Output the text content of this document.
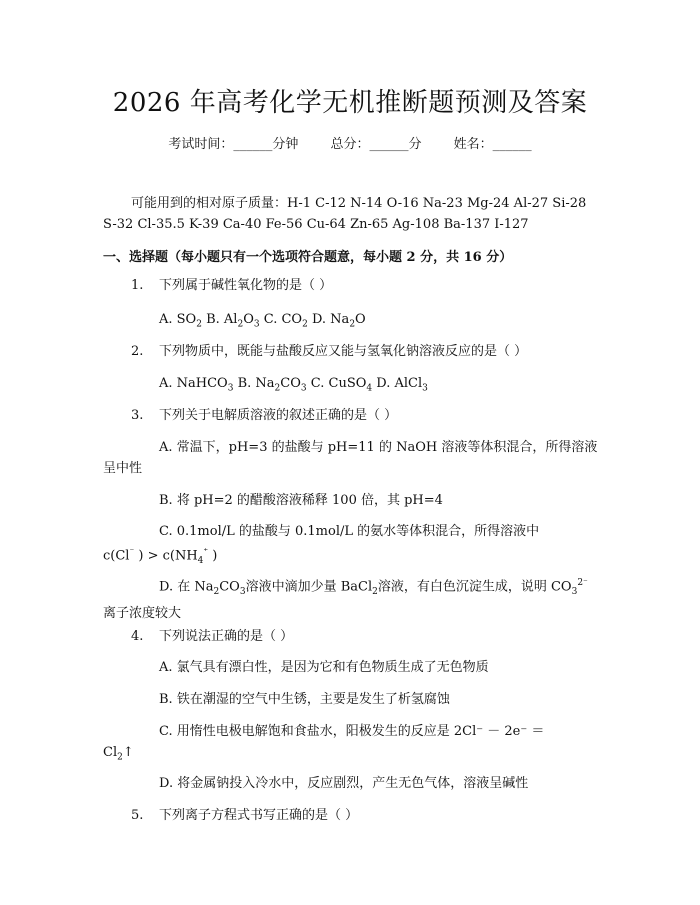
2026 年高考化学无机推断题预测及答案
考试时间：______分钟 总分：______分 姓名：______
可能用到的相对原子质量：H-1 C-12 N-14 O-16 Na-23 Mg-24 Al-27 Si-28 S-32 Cl-35.5 K-39 Ca-40 Fe-56 Cu-64 Zn-65 Ag-108 Ba-137 I-127
一、选择题（每小题只有一个选项符合题意，每小题 2 分，共 16 分）
1. 下列属于碱性氧化物的是（ ）
A. $SO_2$ B. $Al_2O_3$ C. $CO_2$ D. $Na_2O$
2. 下列物质中，既能与盐酸反应又能与氢氧化钠溶液反应的是（ ）
A. NaHCO$_3$ B. $Na_2CO_3$ C. CuSO$_4$ D. AlCl$_3$
3. 下列关于电解质溶液的叙述正确的是（ ）
A. 常温下，pH=3 的盐酸与 pH=11 的 NaOH 溶液等体积混合，所得溶液呈中性
B. 将 pH=2 的醋酸溶液稀释 100 倍，其 pH=4
C. 0.1mol/L 的盐酸与 0.1mol/L 的氨水等体积混合，所得溶液中
c(Cl⁻ ) > $c(NH_4^{^+}$ )
D. 在 $Na_2CO_3$溶液中滴加少量 BaCl$_2$溶液，有白色沉淀生成，说明 $CO_3^{2^-}$离子浓度较大
4. 下列说法正确的是（ ）
A. 氯气具有漂白性，是因为它和有色物质生成了无色物质
B. 铁在潮湿的空气中生锈，主要是发生了析氢腐蚀
C. 用惰性电极电解饱和食盐水，阳极发生的反应是 2Cl⁻ － 2e⁻ ＝
$Cl_2↑$
D. 将金属钠投入冷水中，反应剧烈，产生无色气体，溶液呈碱性
5. 下列离子方程式书写正确的是（ ）
